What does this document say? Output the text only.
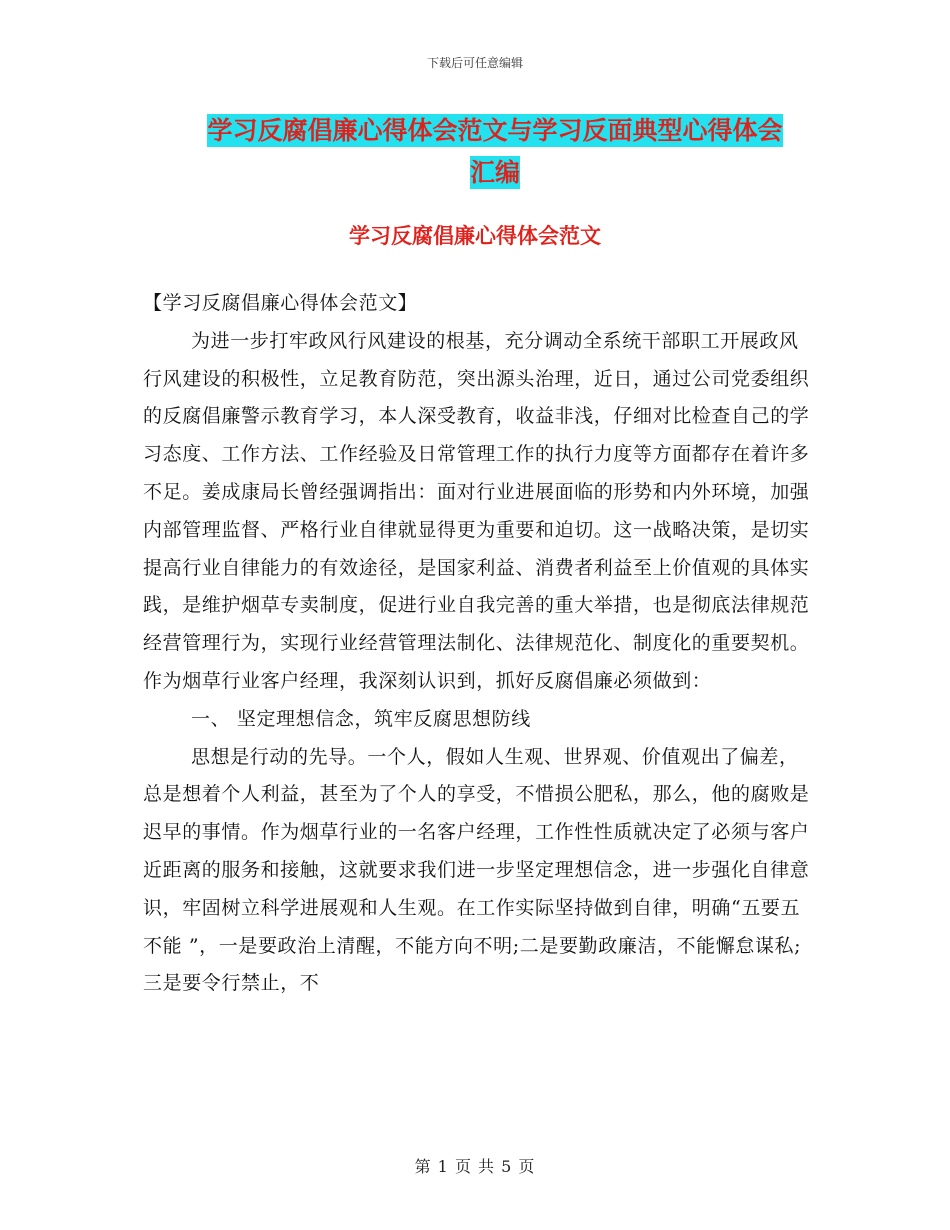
下载后可任意编辑
学习反腐倡廉心得体会范文与学习反面典型心得体会
汇编
学习反腐倡廉心得体会范文

【学习反腐倡廉心得体会范文】

为进一步打牢政风行风建设的根基，充分调动全系统干部职工开展政风行风建设的积极性，立足教育防范，突出源头治理，近日，通过公司党委组织的反腐倡廉警示教育学习，本人深受教育，收益非浅，仔细对比检查自己的学习态度、工作方法、工作经验及日常管理工作的执行力度等方面都存在着许多不足。姜成康局长曾经强调指出：面对行业进展面临的形势和内外环境，加强内部管理监督、严格行业自律就显得更为重要和迫切。这一战略决策，是切实提高行业自律能力的有效途径，是国家利益、消费者利益至上价值观的具体实践，是维护烟草专卖制度，促进行业自我完善的重大举措，也是彻底法律规范经营管理行为，实现行业经营管理法制化、法律规范化、制度化的重要契机。作为烟草行业客户经理，我深刻认识到，抓好反腐倡廉必须做到：

一、 坚定理想信念，筑牢反腐思想防线

思想是行动的先导。一个人，假如人生观、世界观、价值观出了偏差，总是想着个人利益，甚至为了个人的享受，不惜损公肥私，那么，他的腐败是迟早的事情。作为烟草行业的一名客户经理，工作性性质就决定了必须与客户近距离的服务和接触，这就要求我们进一步坚定理想信念，进一步强化自律意识，牢固树立科学进展观和人生观。在工作实际坚持做到自律，明确“五要五不能 ”，一是要政治上清醒，不能方向不明;二是要勤政廉洁，不能懈怠谋私;三是要令行禁止，不

第 1 页 共 5 页
